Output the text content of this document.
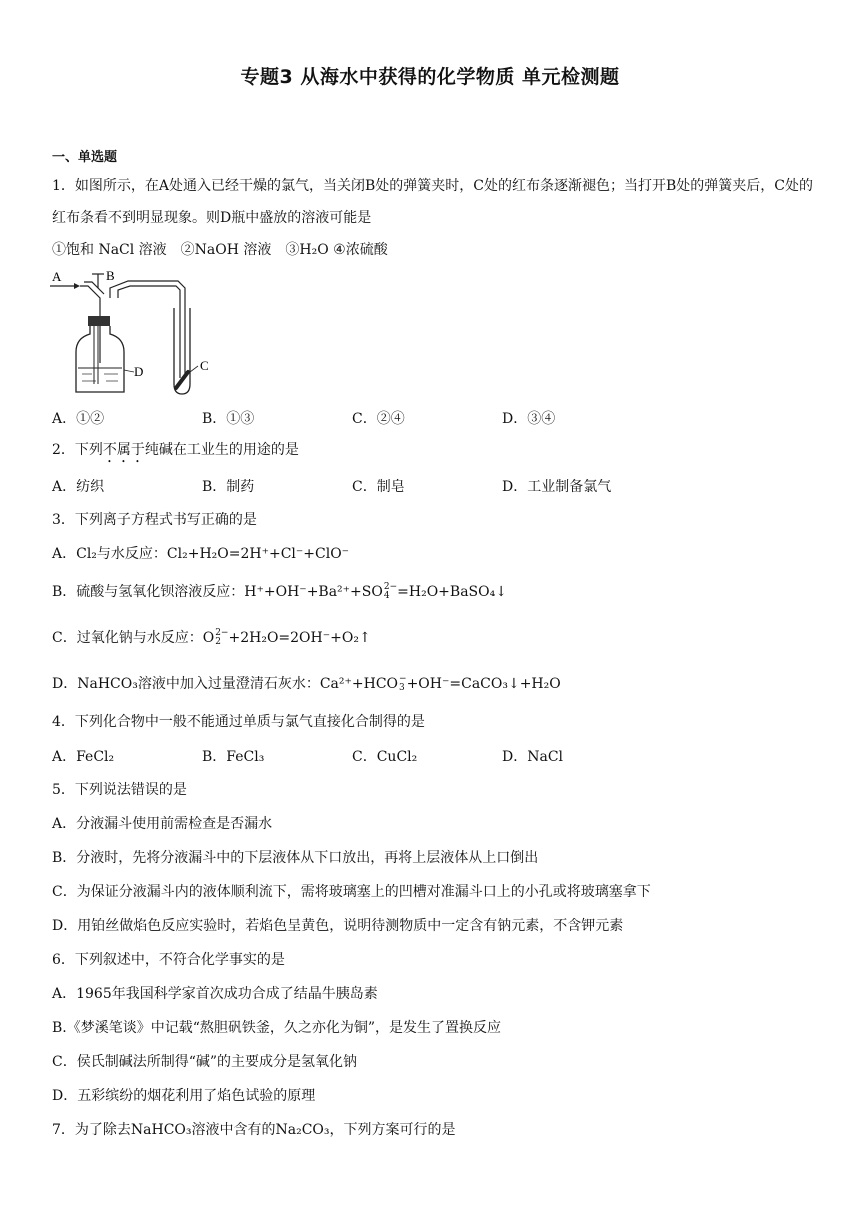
专题3 从海水中获得的化学物质 单元检测题
一、单选题
1．如图所示，在A处通入已经干燥的氯气，当关闭B处的弹簧夹时，C处的红布条逐渐褪色；当打开B处的弹簧夹后，C处的红布条看不到明显现象。则D瓶中盛放的溶液可能是
①饱和 NaCl 溶液　②NaOH 溶液　③H₂O ④浓硫酸
A	B
D	C
A．①②	B．①③	C．②④	D．③④
2．下列不属于纯碱在工业生的用途的是
A．纺织	B．制药	C．制皂	D．工业制备氯气
3．下列离子方程式书写正确的是
A．Cl₂与水反应：Cl₂+H₂O=2H⁺+Cl⁻+ClO⁻
B．硫酸与氢氧化钡溶液反应：H⁺+OH⁻+Ba²⁺+SO 2−
4 =H₂O+BaSO₄↓
C．过氧化钠与水反应：O 2−
2 +2H₂O=2OH⁻+O₂↑
D．NaHCO₃溶液中加入过量澄清石灰水：Ca²⁺+HCO −
3 +OH⁻=CaCO₃↓+H₂O
4．下列化合物中一般不能通过单质与氯气直接化合制得的是
A．FeCl₂	B．FeCl₃	C．CuCl₂	D．NaCl
5．下列说法错误的是
A．分液漏斗使用前需检查是否漏水
B．分液时，先将分液漏斗中的下层液体从下口放出，再将上层液体从上口倒出
C．为保证分液漏斗内的液体顺利流下，需将玻璃塞上的凹槽对准漏斗口上的小孔或将玻璃塞拿下
D．用铂丝做焰色反应实验时，若焰色呈黄色，说明待测物质中一定含有钠元素，不含钾元素
6．下列叙述中，不符合化学事实的是
A．1965年我国科学家首次成功合成了结晶牛胰岛素
B.《梦溪笔谈》中记载“熬胆矾铁釜，久之亦化为铜”，是发生了置换反应
C．侯氏制碱法所制得“碱”的主要成分是氢氧化钠
D．五彩缤纷的烟花利用了焰色试验的原理
7．为了除去NaHCO₃溶液中含有的Na₂CO₃，下列方案可行的是
